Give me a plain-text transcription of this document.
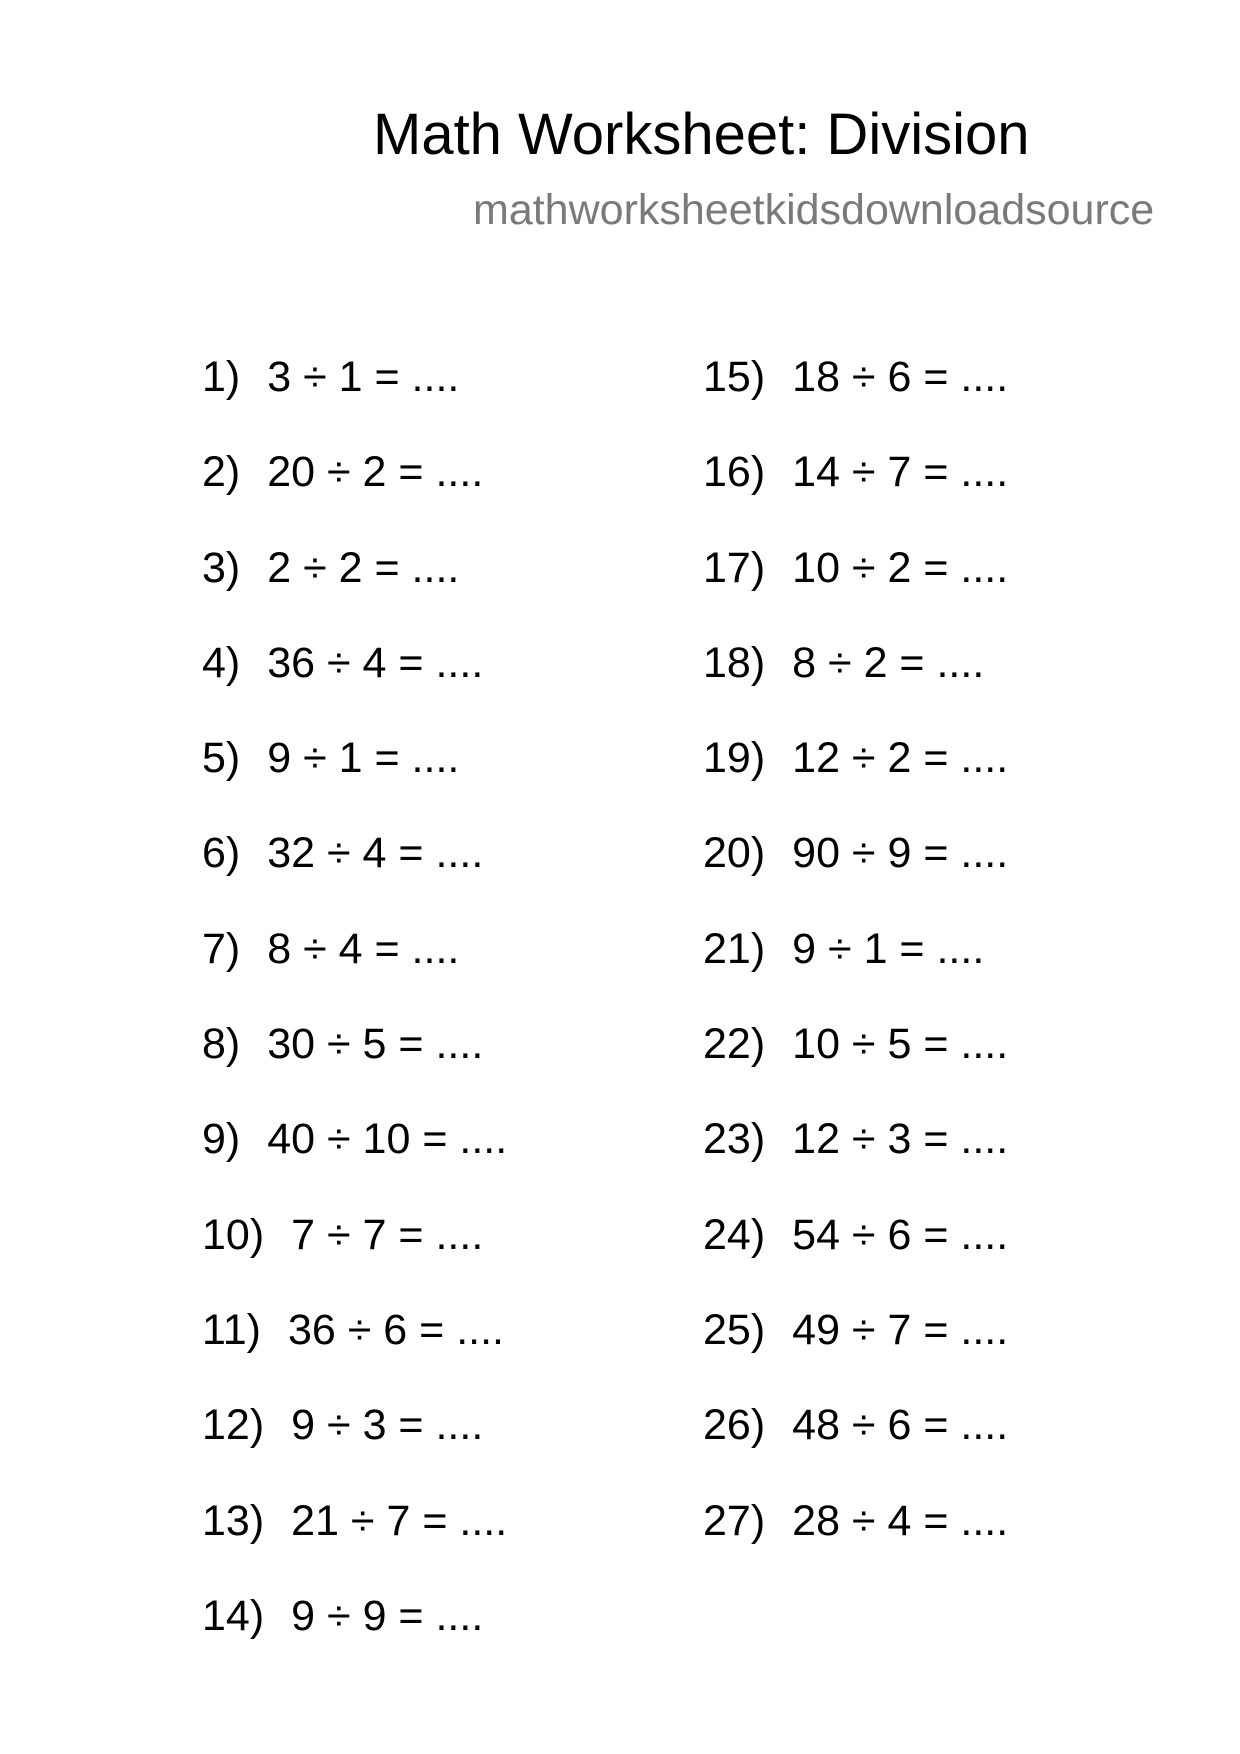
Math Worksheet: Division
mathworksheetkidsdownloadsource
1) 3 ÷ 1 = ....
2) 20 ÷ 2 = ....
3) 2 ÷ 2 = ....
4) 36 ÷ 4 = ....
5) 9 ÷ 1 = ....
6) 32 ÷ 4 = ....
7) 8 ÷ 4 = ....
8) 30 ÷ 5 = ....
9) 40 ÷ 10 = ....
10) 7 ÷ 7 = ....
11) 36 ÷ 6 = ....
12) 9 ÷ 3 = ....
13) 21 ÷ 7 = ....
14) 9 ÷ 9 = ....
15) 18 ÷ 6 = ....
16) 14 ÷ 7 = ....
17) 10 ÷ 2 = ....
18) 8 ÷ 2 = ....
19) 12 ÷ 2 = ....
20) 90 ÷ 9 = ....
21) 9 ÷ 1 = ....
22) 10 ÷ 5 = ....
23) 12 ÷ 3 = ....
24) 54 ÷ 6 = ....
25) 49 ÷ 7 = ....
26) 48 ÷ 6 = ....
27) 28 ÷ 4 = ....
